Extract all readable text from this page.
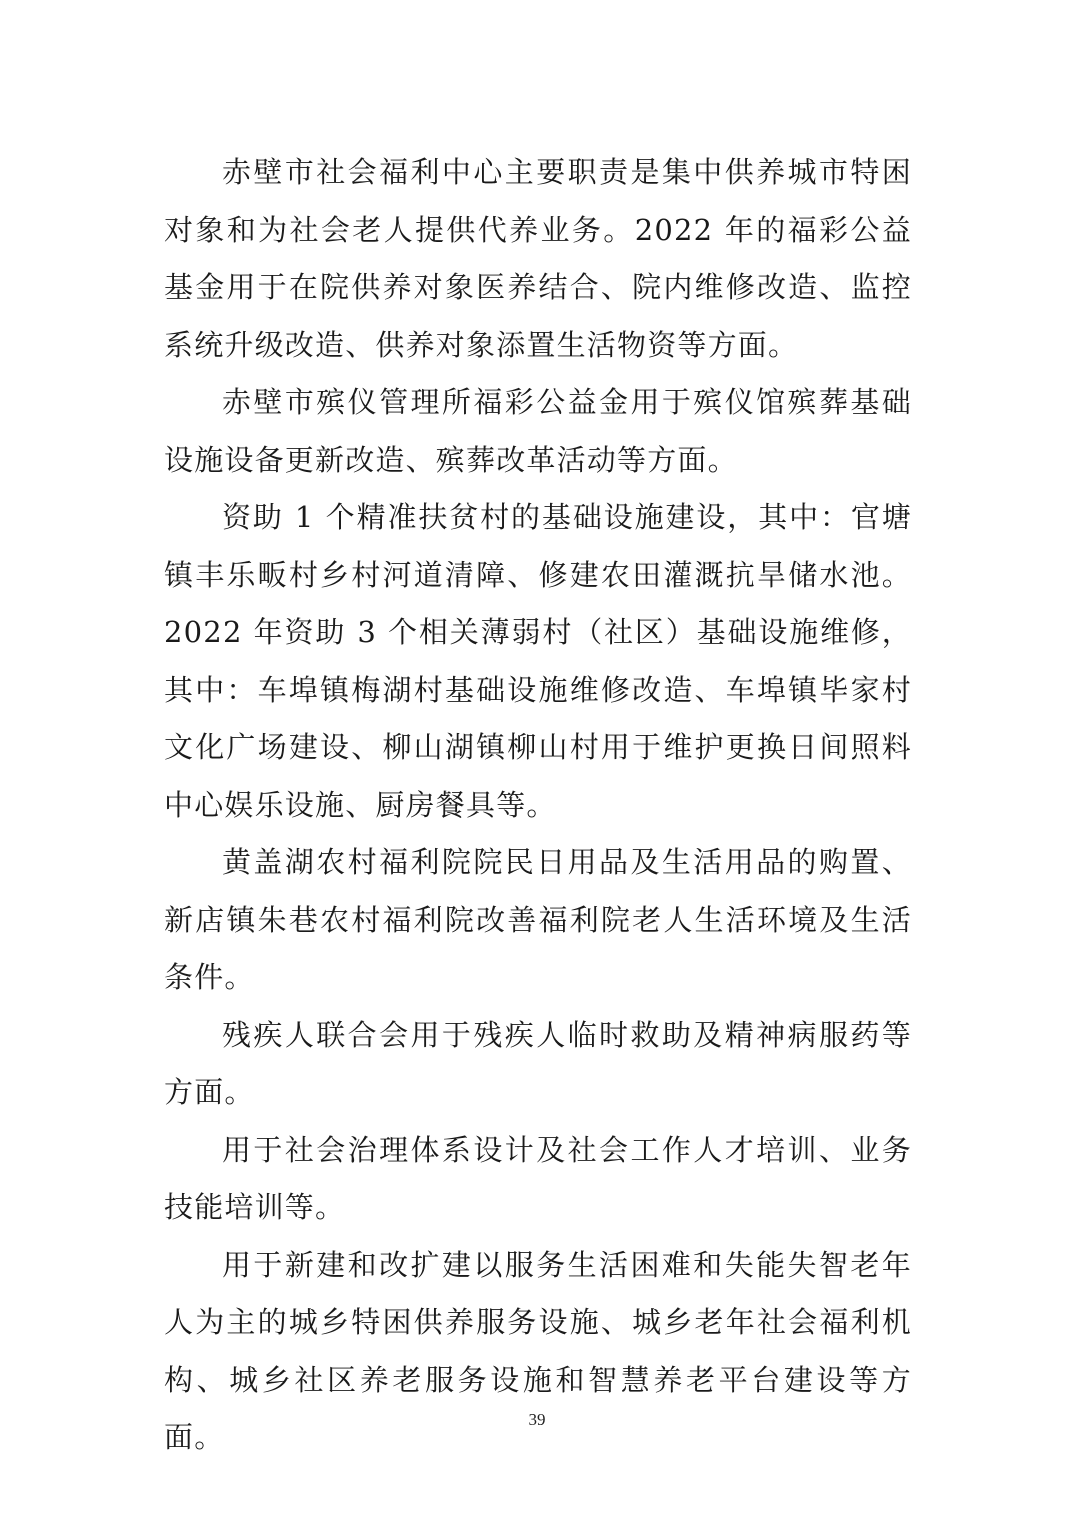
赤壁市社会福利中心主要职责是集中供养城市特困对象和为社会老人提供代养业务。2022 年的福彩公益基金用于在院供养对象医养结合、院内维修改造、监控系统升级改造、供养对象添置生活物资等方面。

赤壁市殡仪管理所福彩公益金用于殡仪馆殡葬基础设施设备更新改造、殡葬改革活动等方面。

资助 1 个精准扶贫村的基础设施建设，其中：官塘镇丰乐畈村乡村河道清障、修建农田灌溉抗旱储水池。2022 年资助 3 个相关薄弱村（社区）基础设施维修，其中：车埠镇梅湖村基础设施维修改造、车埠镇毕家村文化广场建设、柳山湖镇柳山村用于维护更换日间照料中心娱乐设施、厨房餐具等。

黄盖湖农村福利院院民日用品及生活用品的购置、新店镇朱巷农村福利院改善福利院老人生活环境及生活条件。

残疾人联合会用于残疾人临时救助及精神病服药等方面。

用于社会治理体系设计及社会工作人才培训、业务技能培训等。

用于新建和改扩建以服务生活困难和失能失智老年人为主的城乡特困供养服务设施、城乡老年社会福利机构、城乡社区养老服务设施和智慧养老平台建设等方面。

39
